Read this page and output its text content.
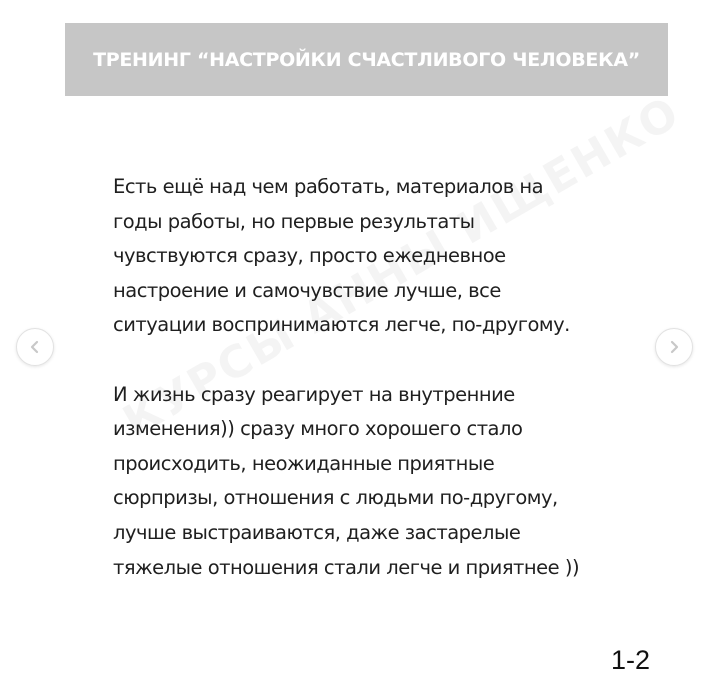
ТРЕНИНГ “НАСТРОЙКИ СЧАСТЛИВОГО ЧЕЛОВЕКА”

Есть ещё над чем работать, материалов на
годы работы, но первые результаты
чувствуются сразу, просто ежедневное
настроение и самочувствие лучше, все
ситуации воспринимаются легче, по-другому.

И жизнь сразу реагирует на внутренние
изменения)) сразу много хорошего стало
происходить, неожиданные приятные
сюрпризы, отношения с людьми по-другому,
лучше выстраиваются, даже застарелые
тяжелые отношения стали легче и приятнее ))

1-2
